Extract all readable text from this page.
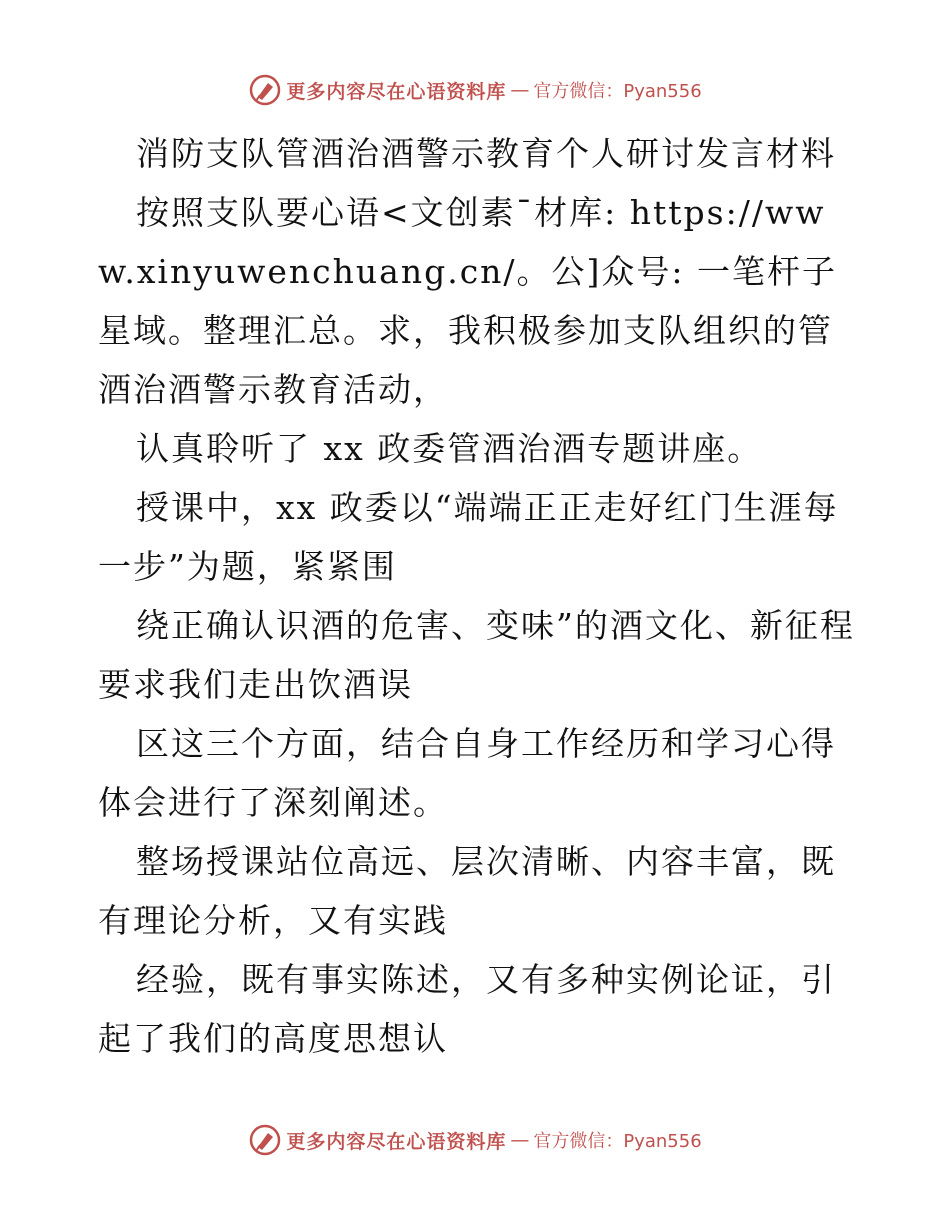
更多内容尽在心语资料库 — 官方微信：Pyan556

消防支队管酒治酒警示教育个人研讨发言材料

按照支队要心语<文创素¯材库: https://www.xinyuwenchuang.cn/。公]众号: 一笔杆子星域。整理汇总。求，我积极参加支队组织的管酒治酒警示教育活动，

认真聆听了 xx 政委管酒治酒专题讲座。

授课中，xx 政委以“端端正正走好红门生涯每一步”为题，紧紧围

绕正确认识酒的危害、变味”的酒文化、新征程要求我们走出饮酒误

区这三个方面，结合自身工作经历和学习心得体会进行了深刻阐述。

整场授课站位高远、层次清晰、内容丰富，既有理论分析，又有实践

经验，既有事实陈述，又有多种实例论证，引起了我们的高度思想认

更多内容尽在心语资料库 — 官方微信：Pyan556
